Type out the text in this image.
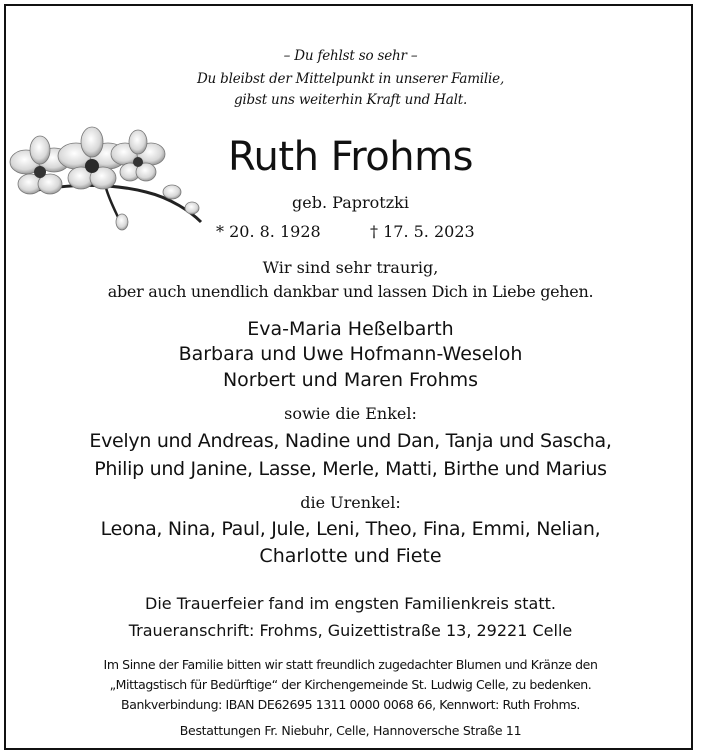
– Du fehlst so sehr –
Du bleibst der Mittelpunkt in unserer Familie,
gibst uns weiterhin Kraft und Halt.
Ruth Frohms
geb. Paprotzki
* 20. 8. 1928	† 17. 5. 2023
Wir sind sehr traurig,
aber auch unendlich dankbar und lassen Dich in Liebe gehen.
Eva-Maria Heßelbarth
Barbara und Uwe Hofmann-Weseloh
Norbert und Maren Frohms
sowie die Enkel:
Evelyn und Andreas, Nadine und Dan, Tanja und Sascha,
Philip und Janine, Lasse, Merle, Matti, Birthe und Marius
die Urenkel:
Leona, Nina, Paul, Jule, Leni, Theo, Fina, Emmi, Nelian,
Charlotte und Fiete
Die Trauerfeier fand im engsten Familienkreis statt.
Traueranschrift: Frohms, Guizettistraße 13, 29221 Celle
Im Sinne der Familie bitten wir statt freundlich zugedachter Blumen und Kränze den
„Mittagstisch für Bedürftige“ der Kirchengemeinde St. Ludwig Celle, zu bedenken.
Bankverbindung: IBAN DE62695 1311 0000 0068 66, Kennwort: Ruth Frohms.
Bestattungen Fr. Niebuhr, Celle, Hannoversche Straße 11
